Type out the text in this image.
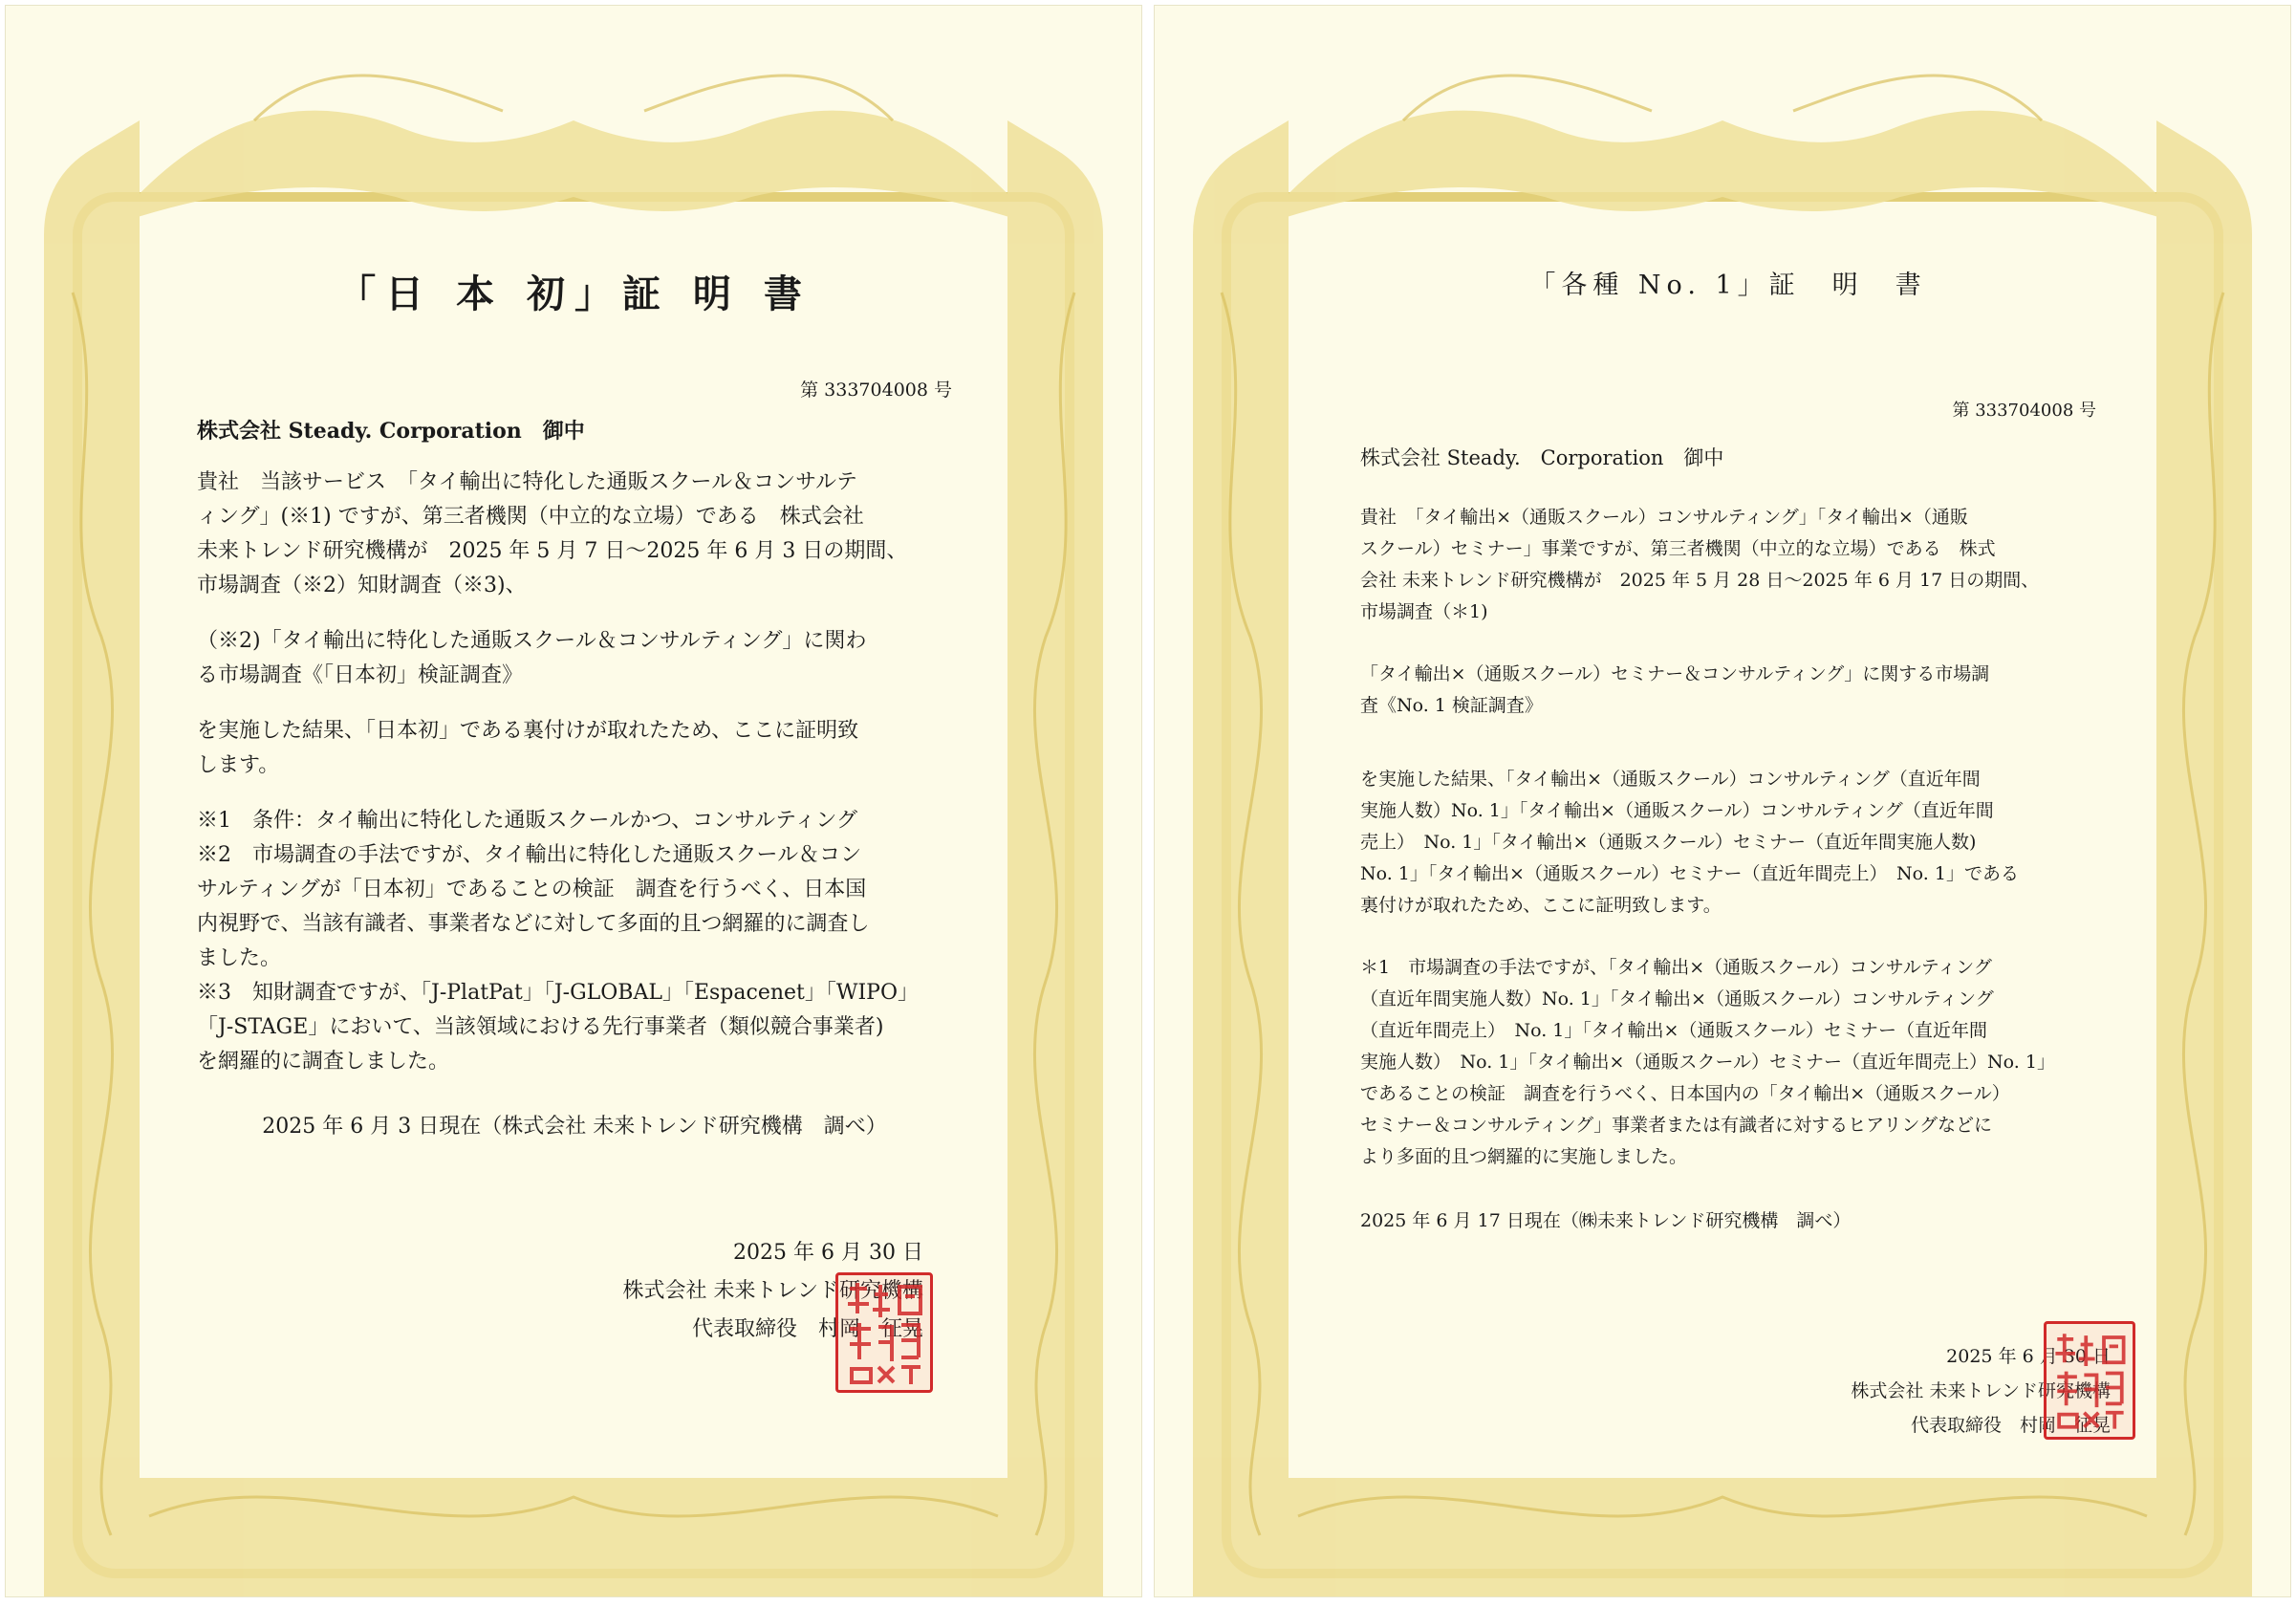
「日 本 初」証 明 書
第 333704008 号
株式会社 Steady. Corporation　御中

貴社　当該サービス　「タイ輸出に特化した通販スクール＆コンサルテ

ィング」(※1) ですが、第三者機関（中立的な立場）である　株式会社

未来トレンド研究機構が　2025 年 5 月 7 日～2025 年 6 月 3 日の期間、

市場調査（※2）知財調査（※3)、

（※2)「タイ輸出に特化した通販スクール＆コンサルティング」に関わ

る市場調査《「日本初」検証調査》

を実施した結果、「日本初」である裏付けが取れたため、ここに証明致

します。

※1　条件：タイ輸出に特化した通販スクールかつ、コンサルティング

※2　市場調査の手法ですが、タイ輸出に特化した通販スクール＆コン

サルティングが「日本初」であることの検証　調査を行うべく、日本国

内視野で、当該有識者、事業者などに対して多面的且つ網羅的に調査し

ました。

※3　知財調査ですが、「J-PlatPat」「J-GLOBAL」「Espacenet」「WIPO」

「J-STAGE」において、当該領域における先行事業者（類似競合事業者)

を網羅的に調査しました。

2025 年 6 月 3 日現在（株式会社 未来トレンド研究機構　調べ）
2025 年 6 月 30 日
株式会社 未来トレンド研究機構
代表取締役　村岡　征晃
「各種 No. 1」証　明　書
第 333704008 号
株式会社 Steady.　Corporation　御中

貴社　「タイ輸出×（通販スクール）コンサルティング」「タイ輸出×（通販

スクール）セミナー」事業ですが、第三者機関（中立的な立場）である　株式

会社 未来トレンド研究機構が　2025 年 5 月 28 日～2025 年 6 月 17 日の期間、

市場調査（＊1)

「タイ輸出×（通販スクール）セミナー＆コンサルティング」に関する市場調

査《No. 1 検証調査》

を実施した結果、「タイ輸出×（通販スクール）コンサルティング（直近年間

実施人数）No. 1」「タイ輸出×（通販スクール）コンサルティング（直近年間

売上）　No. 1」「タイ輸出×（通販スクール）セミナー（直近年間実施人数)

No. 1」「タイ輸出×（通販スクール）セミナー（直近年間売上）　No. 1」である

裏付けが取れたため、ここに証明致します。

＊1　市場調査の手法ですが、「タイ輸出×（通販スクール）コンサルティング

（直近年間実施人数）No. 1」「タイ輸出×（通販スクール）コンサルティング

（直近年間売上）　No. 1」「タイ輸出×（通販スクール）セミナー（直近年間

実施人数）　No. 1」「タイ輸出×（通販スクール）セミナー（直近年間売上）No. 1」

であることの検証　調査を行うべく、日本国内の「タイ輸出×（通販スクール）

セミナー＆コンサルティング」事業者または有識者に対するヒアリングなどに

より多面的且つ網羅的に実施しました。

2025 年 6 月 17 日現在（㈱未来トレンド研究機構　調べ）
2025 年 6 月 30 日
株式会社 未来トレンド研究機構
代表取締役　村岡　征晃
